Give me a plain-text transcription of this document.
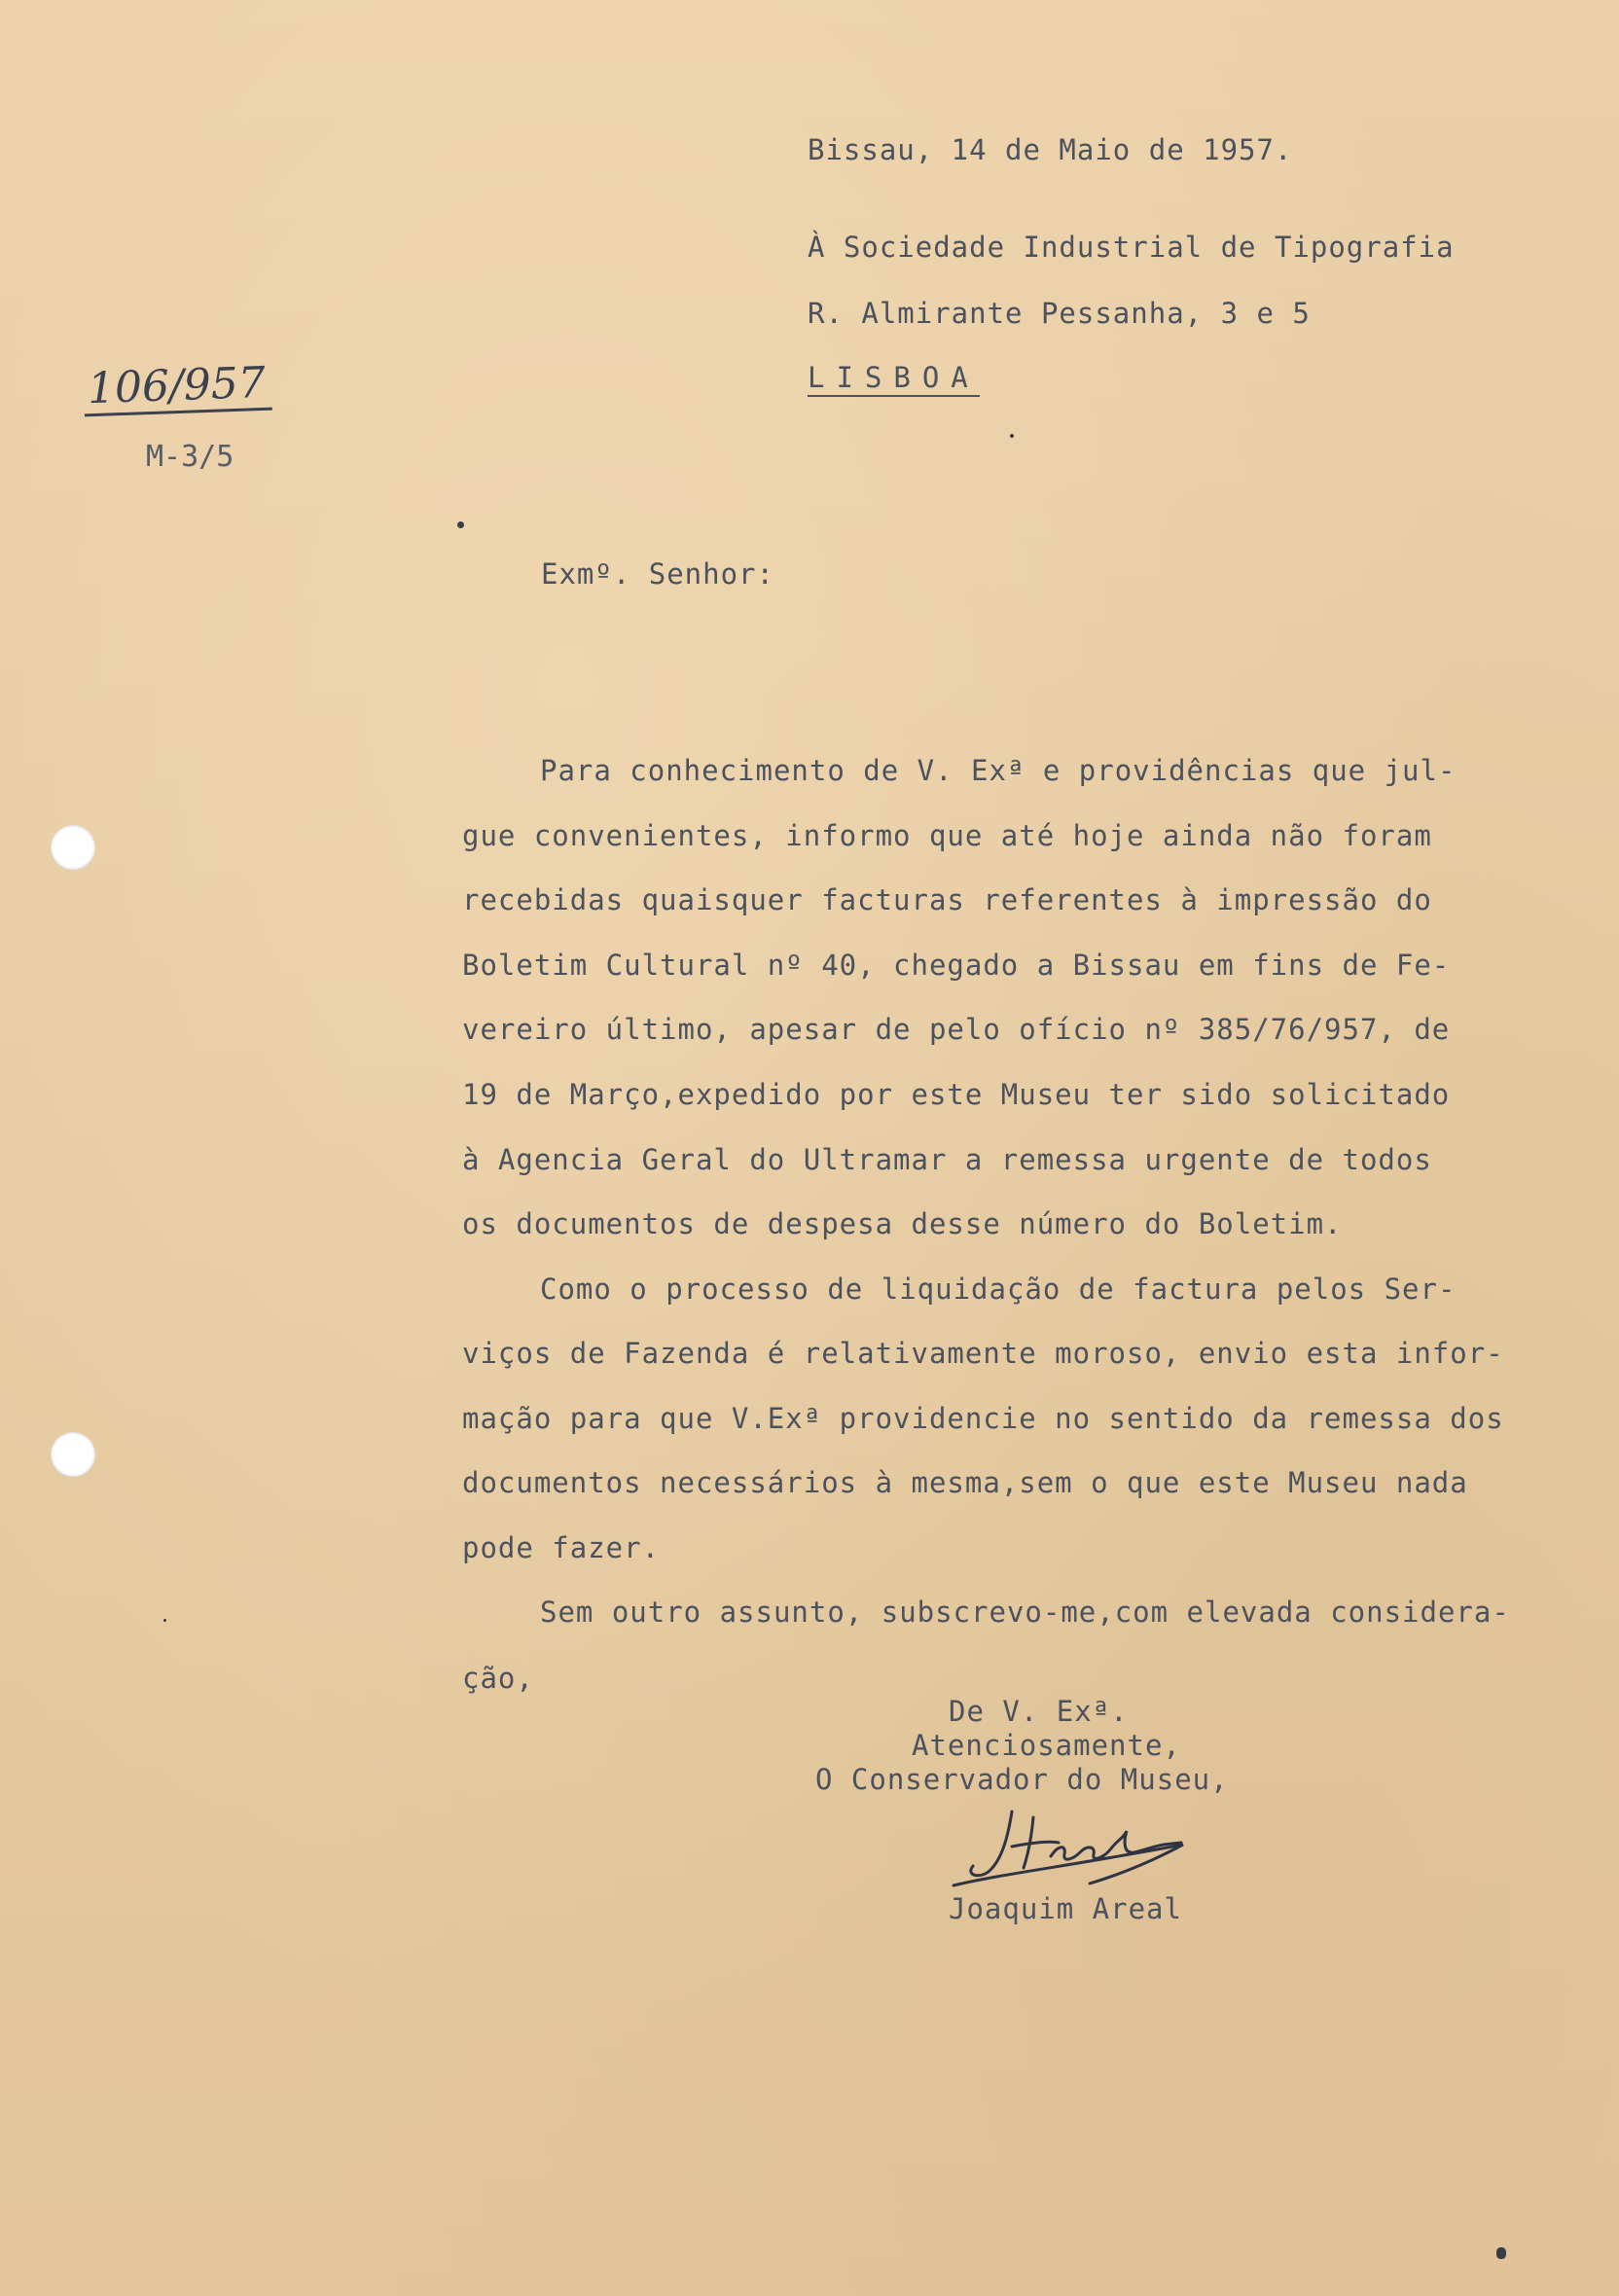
Bissau, 14 de Maio de 1957.
À Sociedade Industrial de Tipografia
R. Almirante Pessanha, 3 e 5
LISBOA
106/957
M-3/5
Exmº. Senhor:
Para conhecimento de V. Exª e providências que jul-
gue convenientes, informo que até hoje ainda não foram
recebidas quaisquer facturas referentes à impressão do
Boletim Cultural nº 40, chegado a Bissau em fins de Fe-
vereiro último, apesar de pelo ofício nº 385/76/957, de
19 de Março,expedido por este Museu ter sido solicitado
à Agencia Geral do Ultramar a remessa urgente de todos
os documentos de despesa desse número do Boletim.
Como o processo de liquidação de factura pelos Ser-
viços de Fazenda é relativamente moroso, envio esta infor-
mação para que V.Exª providencie no sentido da remessa dos
documentos necessários à mesma,sem o que este Museu nada
pode fazer.
Sem outro assunto, subscrevo-me,com elevada considera-
ção,
De V. Exª.
Atenciosamente,
O Conservador do Museu,
Joaquim Areal
